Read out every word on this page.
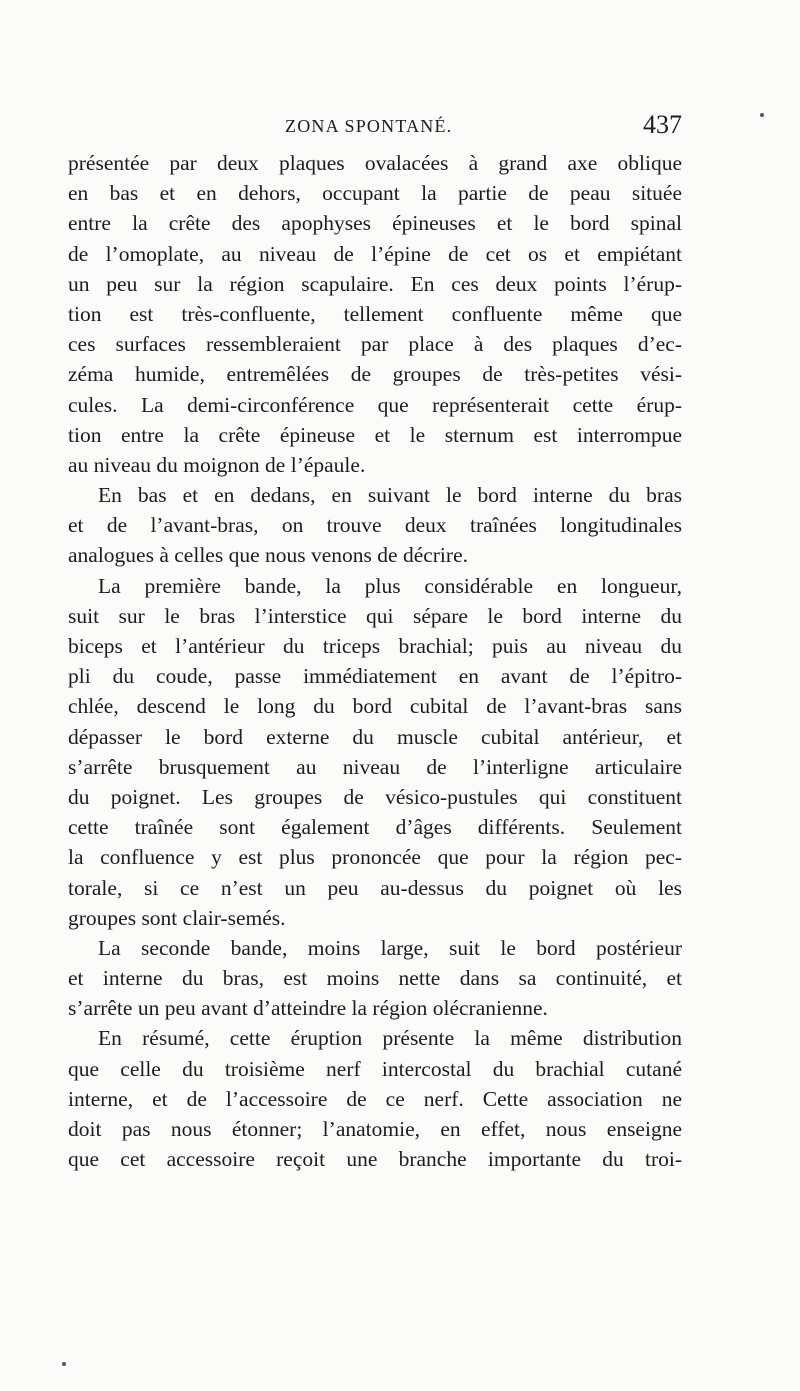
ZONA SPONTANÉ.	437
présentée par deux plaques ovalacées à grand axe oblique
en bas et en dehors, occupant la partie de peau située
entre la crête des apophyses épineuses et le bord spinal
de l’omoplate, au niveau de l’épine de cet os et empiétant
un peu sur la région scapulaire. En ces deux points l’érup-
tion est très-confluente, tellement confluente même que
ces surfaces ressembleraient par place à des plaques d’ec-
zéma humide, entremêlées de groupes de très-petites vési-
cules. La demi-circonférence que représenterait cette érup-
tion entre la crête épineuse et le sternum est interrompue
au niveau du moignon de l’épaule.
En bas et en dedans, en suivant le bord interne du bras
et de l’avant-bras, on trouve deux traînées longitudinales
analogues à celles que nous venons de décrire.
La première bande, la plus considérable en longueur,
suit sur le bras l’interstice qui sépare le bord interne du
biceps et l’antérieur du triceps brachial; puis au niveau du
pli du coude, passe immédiatement en avant de l’épitro-
chlée, descend le long du bord cubital de l’avant-bras sans
dépasser le bord externe du muscle cubital antérieur, et
s’arrête brusquement au niveau de l’interligne articulaire
du poignet. Les groupes de vésico-pustules qui constituent
cette traînée sont également d’âges différents. Seulement
la confluence y est plus prononcée que pour la région pec-
torale, si ce n’est un peu au-dessus du poignet où les
groupes sont clair-semés.
La seconde bande, moins large, suit le bord postérieur
et interne du bras, est moins nette dans sa continuité, et
s’arrête un peu avant d’atteindre la région olécranienne.
En résumé, cette éruption présente la même distribution
que celle du troisième nerf intercostal du brachial cutané
interne, et de l’accessoire de ce nerf. Cette association ne
doit pas nous étonner; l’anatomie, en effet, nous enseigne
que cet accessoire reçoit une branche importante du troi-
